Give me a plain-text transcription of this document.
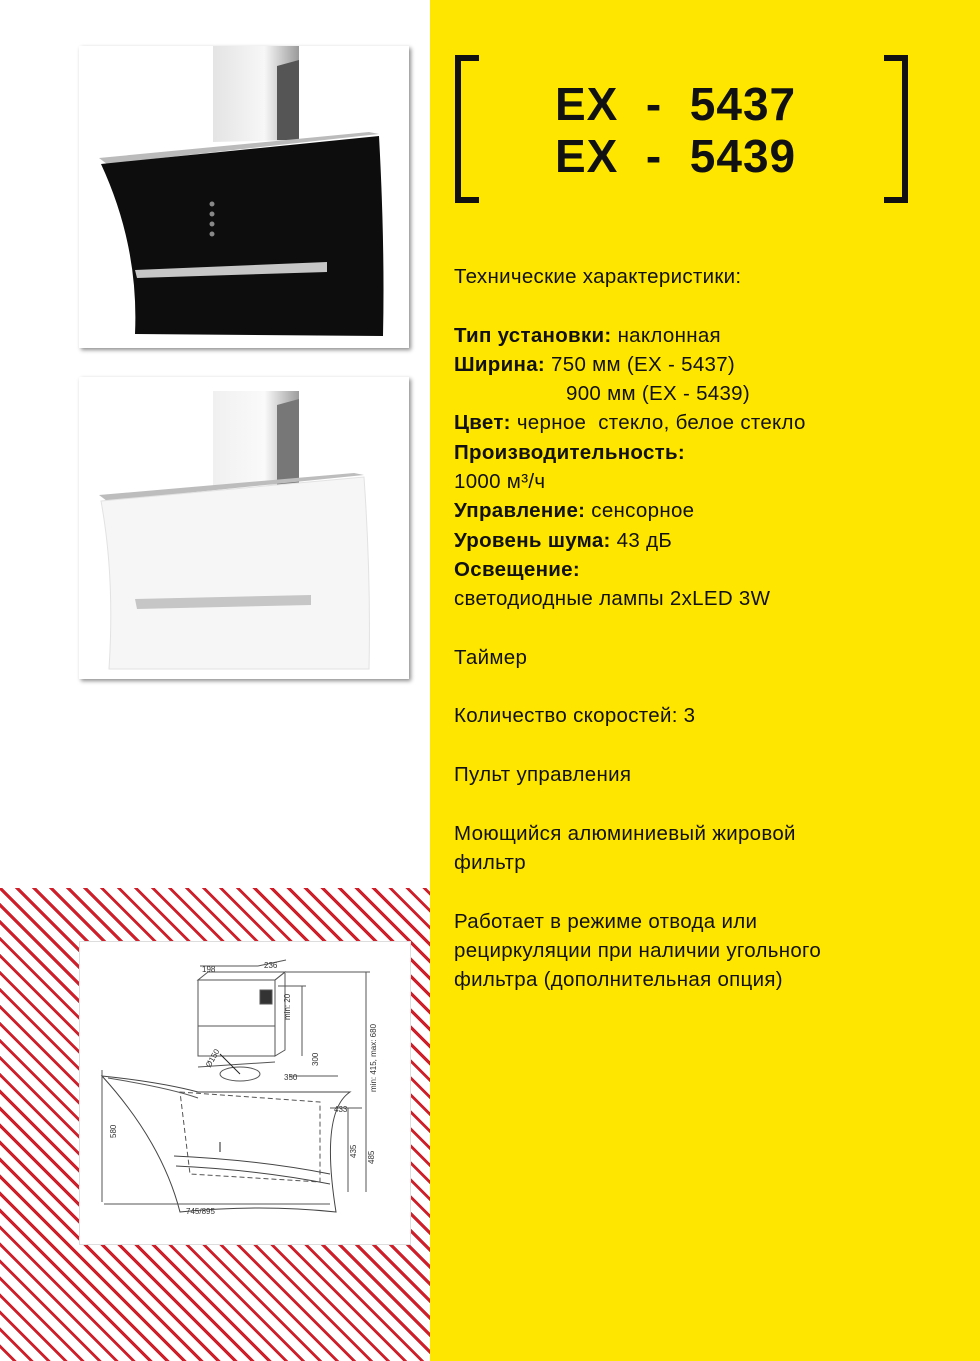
198	236
min: 20
min: 415, max: 680
300
Ø150
350
433
580
435 485
745/895
EX  -  5437
EX  -  5439
Технические характеристики:
Тип установки: наклонная
Ширина: 750 мм (EX - 5437)
900 мм (EX - 5439)
Цвет: черное  стекло, белое стекло
Производительность:
1000 м³/ч
Управление: сенсорное
Уровень шума: 43 дБ
Освещение:
светодиодные лампы 2xLED 3W
Таймер
Количество скоростей: 3
Пульт управления
Моющийся алюминиевый жировой
фильтр
Работает в режиме отвода или
рециркуляции при наличии угольного
фильтра (дополнительная опция)
